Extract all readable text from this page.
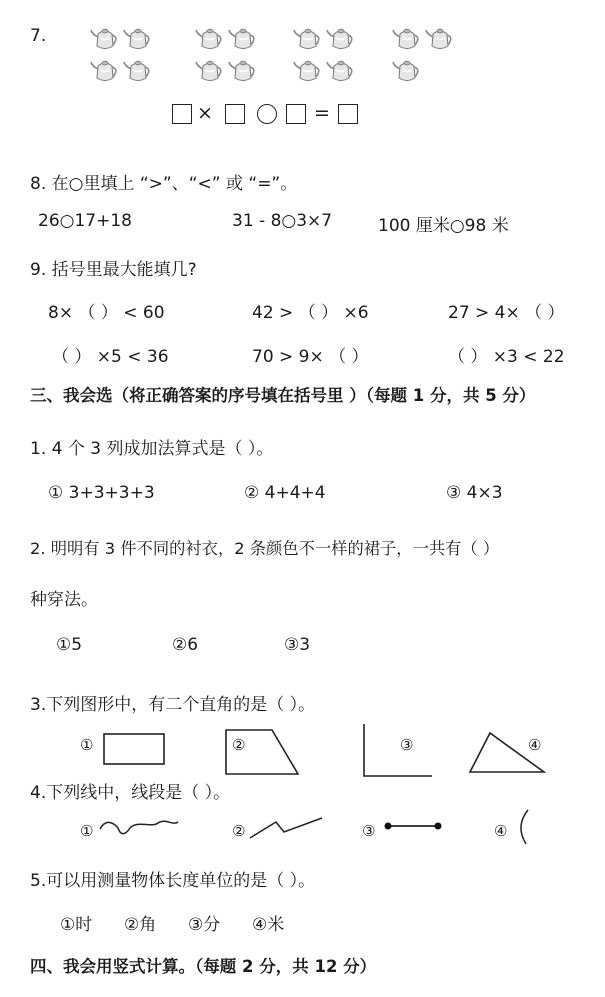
7.
×	=
8. 在○里填上 “>”、“<” 或 “=”。
26○17+18	31 - 8○3×7	100 厘米○98 米
9. 括号里最大能填几?
8× （ ） < 60	42 > （ ） ×6	27 > 4× （ ）
（ ） ×5 < 36	70 > 9× （ ）	（ ） ×3 < 22
三、我会选（将正确答案的序号填在括号里 ）（每题 1 分，共 5 分）
1. 4 个 3 列成加法算式是（ ）。
① 3+3+3+3	② 4+4+4	③ 4×3
2. 明明有 3 件不同的衬衣，2 条颜色不一样的裙子，一共有（ ）
种穿法。
①5	②6	③3
3.下列图形中，有二个直角的是（ ）。
①	②	③	④
4.下列线中，线段是（ ）。
①	②	③	④
5.可以用测量物体长度单位的是（ ）。
①时 ②角 ③分 ④米
四、我会用竖式计算。（每题 2 分，共 12 分）
